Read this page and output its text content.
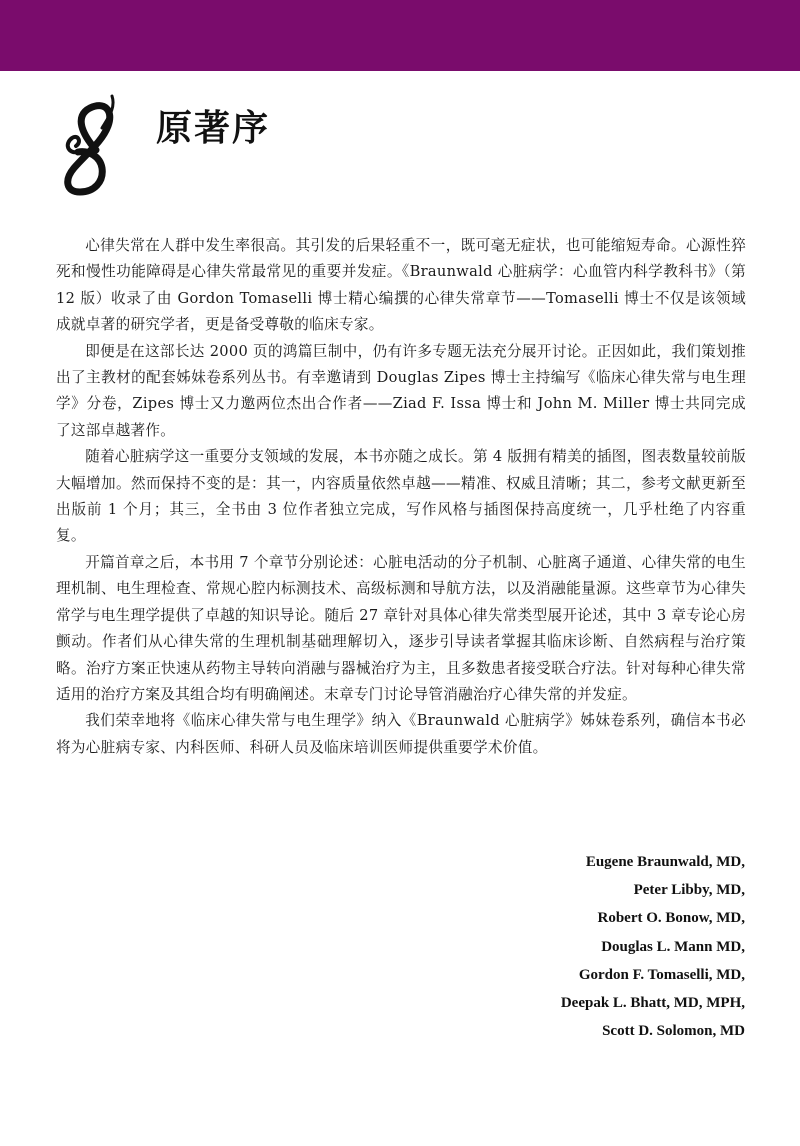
原著序

心律失常在人群中发生率很高。其引发的后果轻重不一，既可毫无症状，也可能缩短寿命。心源性猝死和慢性功能障碍是心律失常最常见的重要并发症。《Braunwald 心脏病学：心血管内科学教科书》（第 12 版）收录了由 Gordon Tomaselli 博士精心编撰的心律失常章节——Tomaselli 博士不仅是该领域成就卓著的研究学者，更是备受尊敬的临床专家。

即便是在这部长达 2000 页的鸿篇巨制中，仍有许多专题无法充分展开讨论。正因如此，我们策划推出了主教材的配套姊妹卷系列丛书。有幸邀请到 Douglas Zipes 博士主持编写《临床心律失常与电生理学》分卷，Zipes 博士又力邀两位杰出合作者——Ziad F. Issa 博士和 John M. Miller 博士共同完成了这部卓越著作。

随着心脏病学这一重要分支领域的发展，本书亦随之成长。第 4 版拥有精美的插图，图表数量较前版大幅增加。然而保持不变的是：其一，内容质量依然卓越——精准、权威且清晰；其二，参考文献更新至出版前 1 个月；其三，全书由 3 位作者独立完成，写作风格与插图保持高度统一，几乎杜绝了内容重复。

开篇首章之后，本书用 7 个章节分别论述：心脏电活动的分子机制、心脏离子通道、心律失常的电生理机制、电生理检查、常规心腔内标测技术、高级标测和导航方法，以及消融能量源。这些章节为心律失常学与电生理学提供了卓越的知识导论。随后 27 章针对具体心律失常类型展开论述，其中 3 章专论心房颤动。作者们从心律失常的生理机制基础理解切入，逐步引导读者掌握其临床诊断、自然病程与治疗策略。治疗方案正快速从药物主导转向消融与器械治疗为主，且多数患者接受联合疗法。针对每种心律失常适用的治疗方案及其组合均有明确阐述。末章专门讨论导管消融治疗心律失常的并发症。

我们荣幸地将《临床心律失常与电生理学》纳入《Braunwald 心脏病学》姊妹卷系列，确信本书必将为心脏病专家、内科医师、科研人员及临床培训医师提供重要学术价值。

Eugene Braunwald, MD,
Peter Libby, MD,
Robert O. Bonow, MD,
Douglas L. Mann MD,
Gordon F. Tomaselli, MD,
Deepak L. Bhatt, MD, MPH,
Scott D. Solomon, MD
